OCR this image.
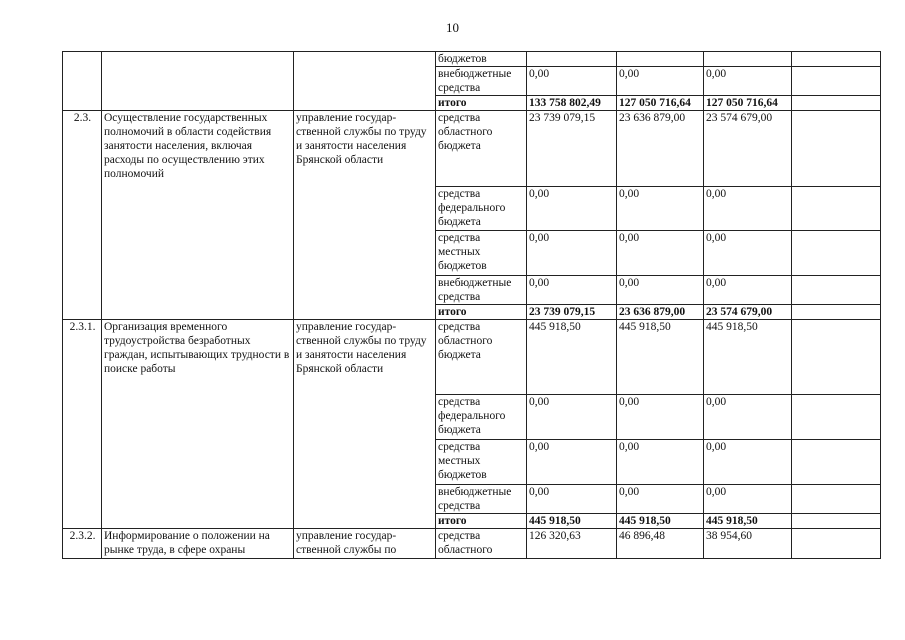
10
			бюджетов				
			внебюджетные средства	0,00	0,00	0,00	
			итого	133 758 802,49	127 050 716,64	127 050 716,64	
2.3.	Осуществление государственных полномочий в области содействия занятости населения, включая расходы по осуществлению этих полномочий	управление государ-ственной службы по труду и занятости населения Брянской области	средства областного бюджета	23 739 079,15	23 636 879,00	23 574 679,00	
			средства федерального бюджета	0,00	0,00	0,00	
			средства местных бюджетов	0,00	0,00	0,00	
			внебюджетные средства	0,00	0,00	0,00	
			итого	23 739 079,15	23 636 879,00	23 574 679,00	
2.3.1.	Организация временного трудоустройства безработных граждан, испытывающих трудности в поиске работы	управление государ-ственной службы по труду и занятости населения Брянской области	средства областного бюджета	445 918,50	445 918,50	445 918,50	
			средства федерального бюджета	0,00	0,00	0,00	
			средства местных бюджетов	0,00	0,00	0,00	
			внебюджетные средства	0,00	0,00	0,00	
			итого	445 918,50	445 918,50	445 918,50	
2.3.2.	Информирование о положении на рынке труда, в сфере охраны	управление государ-ственной службы по	средства областного	126 320,63	46 896,48	38 954,60	
